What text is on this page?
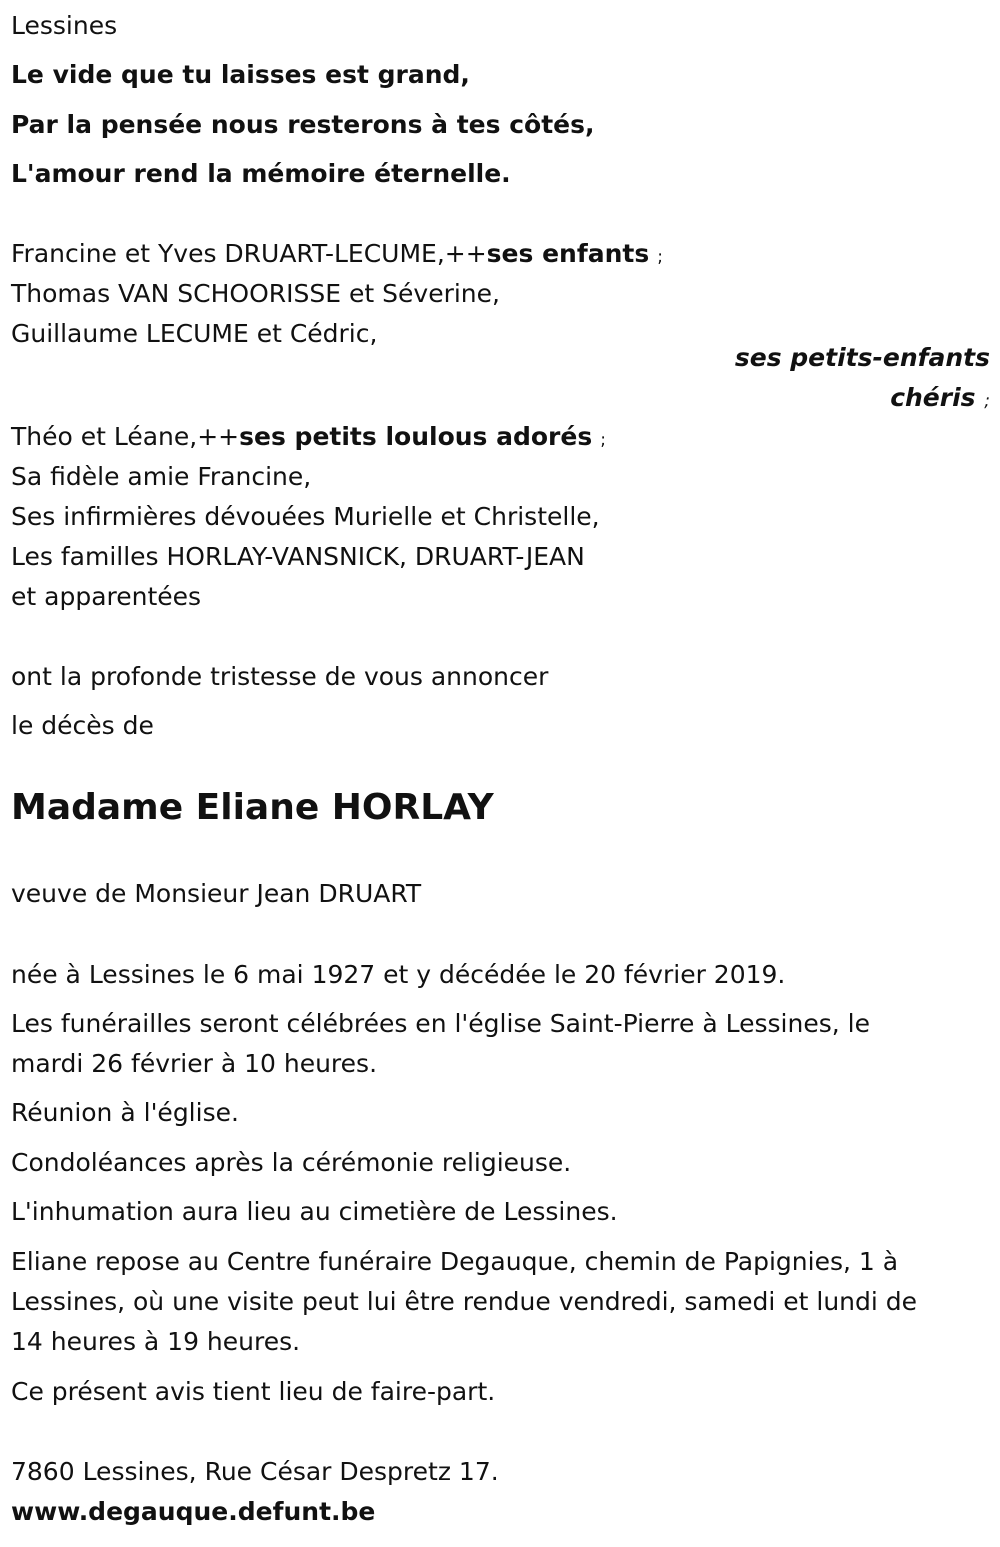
Lessines
Le vide que tu laisses est grand,
Par la pensée nous resterons à tes côtés,
L'amour rend la mémoire éternelle.
Francine et Yves DRUART-LECUME,++ses enfants ;
Thomas VAN SCHOORISSE et Séverine,
Guillaume LECUME et Cédric,
ses petits-enfants
chéris ;
Théo et Léane,++ses petits loulous adorés ;
Sa fidèle amie Francine,
Ses infirmières dévouées Murielle et Christelle,
Les familles HORLAY-VANSNICK, DRUART-JEAN
et apparentées
ont la profonde tristesse de vous annoncer
le décès de
Madame Eliane HORLAY
veuve de Monsieur Jean DRUART
née à Lessines le 6 mai 1927 et y décédée le 20 février 2019.
Les funérailles seront célébrées en l'église Saint-Pierre à Lessines, le
mardi 26 février à 10 heures.
Réunion à l'église.
Condoléances après la cérémonie religieuse.
L'inhumation aura lieu au cimetière de Lessines.
Eliane repose au Centre funéraire Degauque, chemin de Papignies, 1 à
Lessines, où une visite peut lui être rendue vendredi, samedi et lundi de
14 heures à 19 heures.
Ce présent avis tient lieu de faire-part.
7860 Lessines, Rue César Despretz 17.
www.degauque.defunt.be
